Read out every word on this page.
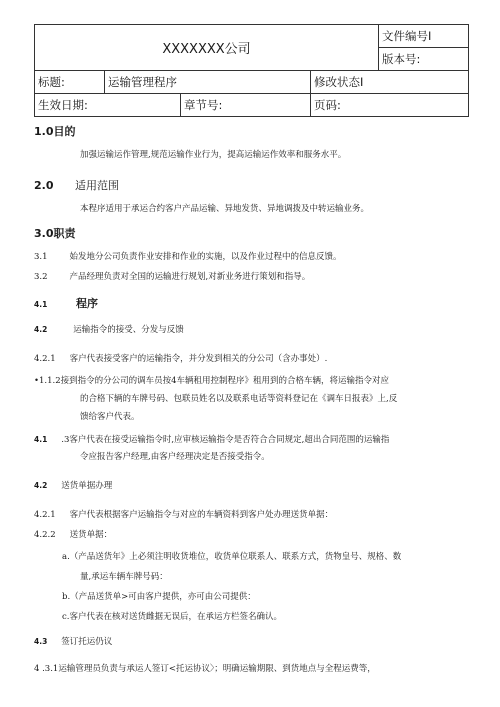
XXXXXXX公司				文件编号I
				版本号:
标题:	运输管理程序		修改状态I	
生效日期:		章节号:	页码:	
1.0目的
加强运输运作管理,规范运输作业行为，提高运输运作效率和服务水平。
2.0 适用范围
本程序适用于承运合约客户产品运输、异地发货、异地调拨及中转运输业务。
3.0职责
3.1	始发地分公司负责作业安排和作业的实施，以及作业过程中的信息反馈。
3.2	产品经理负责对全国的运输进行规划,对新业务进行策划和指导。
4.1	程序
4.2	运输指令的接受、分发与反馈
4.2.1 客户代表接受客户的运输指令，并分发到相关的分公司（含办事处）.
•1.1.2接到指令的分公司的调车员按4车辆租用控制程序》租用到的合格车辆，将运输指令对应
的合格下辆的车牌号码、包联员姓名以及联系电话等资料登记在《调车日报表》上,反
馈给客户代表。
4.1 .3客户代表在接受运输指令时,应审核运输指令是否符合合同规定,超出合同范围的运输指
令应报告客户经理,由客户经理决定是否接受指令。
4.2 送货单据办理
4.2.1 客户代表根据客户运输指令与对应的车辆资料到客户处办理送货单据：
4.2.2 送货单据：
a.（产品送货年》上必须注明收货堆位，收货单位联系人、联系方式，货物皇号、规格、数
量,承运车辆车牌号码：
b.（产品送货单>可由客户提供，亦可由公司提供：
c.客户代表在核对送货雌据无误后，在承运方栏签名确认。
4.3 签订托运仍议
4 .3.1运输管理员负责与承运人签订<托运协议〉；明确运输期限、到货地点与全程运费等，
